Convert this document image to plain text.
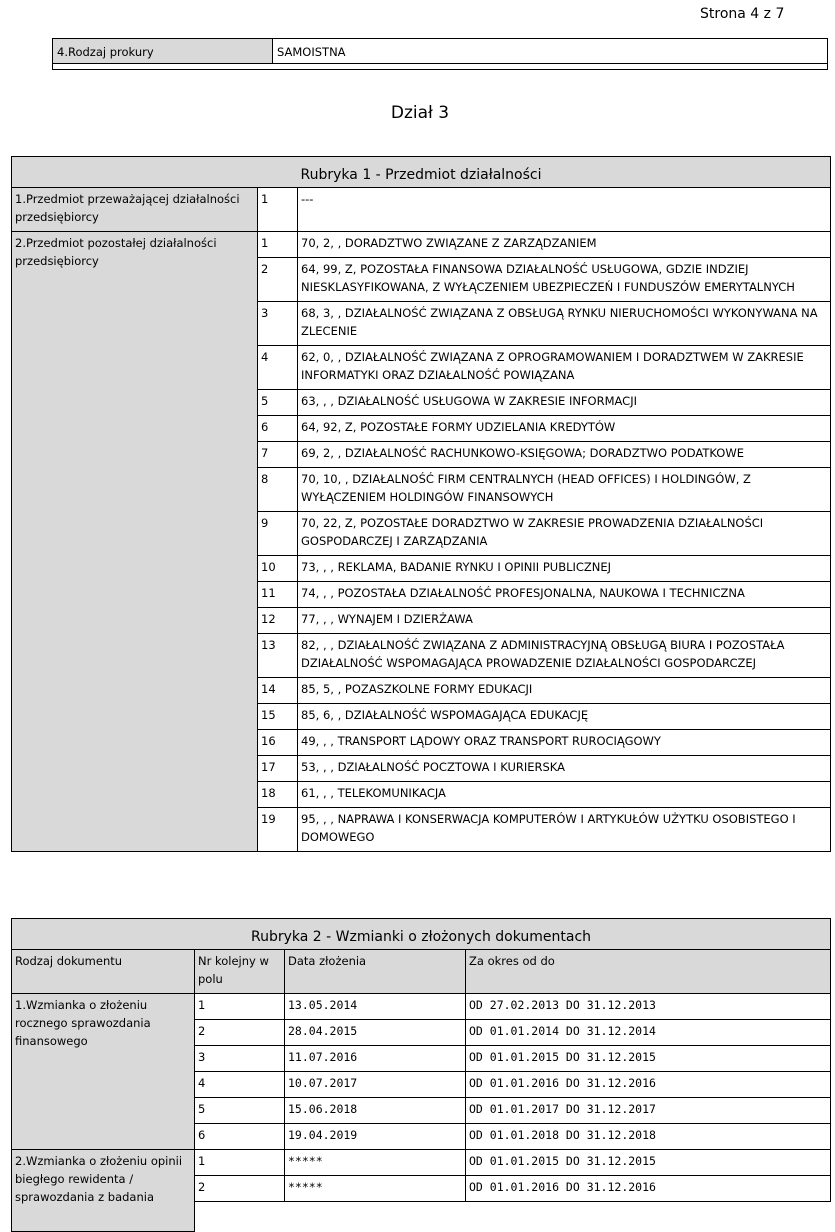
Strona 4 z 7
4.Rodzaj prokury	SAMOISTNA
Dział 3
Rubryka 1 - Przedmiot działalności		
1.Przedmiot przeważającej działalności przedsiębiorcy	1	---
2.Przedmiot pozostałej działalności przedsiębiorcy	1	70, 2, , DORADZTWO ZWIĄZANE Z ZARZĄDZANIEM
	2	64, 99, Z, POZOSTAŁA FINANSOWA DZIAŁALNOŚĆ USŁUGOWA, GDZIE INDZIEJ NIESKLASYFIKOWANA, Z WYŁĄCZENIEM UBEZPIECZEŃ I FUNDUSZÓW EMERYTALNYCH
	3	68, 3, , DZIAŁALNOŚĆ ZWIĄZANA Z OBSŁUGĄ RYNKU NIERUCHOMOŚCI WYKONYWANA NA ZLECENIE
	4	62, 0, , DZIAŁALNOŚĆ ZWIĄZANA Z OPROGRAMOWANIEM I DORADZTWEM W ZAKRESIE INFORMATYKI ORAZ DZIAŁALNOŚĆ POWIĄZANA
	5	63, , , DZIAŁALNOŚĆ USŁUGOWA W ZAKRESIE INFORMACJI
	6	64, 92, Z, POZOSTAŁE FORMY UDZIELANIA KREDYTÓW
	7	69, 2, , DZIAŁALNOŚĆ RACHUNKOWO-KSIĘGOWA; DORADZTWO PODATKOWE
	8	70, 10, , DZIAŁALNOŚĆ FIRM CENTRALNYCH (HEAD OFFICES) I HOLDINGÓW, Z WYŁĄCZENIEM HOLDINGÓW FINANSOWYCH
	9	70, 22, Z, POZOSTAŁE DORADZTWO W ZAKRESIE PROWADZENIA DZIAŁALNOŚCI GOSPODARCZEJ I ZARZĄDZANIA
	10	73, , , REKLAMA, BADANIE RYNKU I OPINII PUBLICZNEJ
	11	74, , , POZOSTAŁA DZIAŁALNOŚĆ PROFESJONALNA, NAUKOWA I TECHNICZNA
	12	77, , , WYNAJEM I DZIERŻAWA
	13	82, , , DZIAŁALNOŚĆ ZWIĄZANA Z ADMINISTRACYJNĄ OBSŁUGĄ BIURA I POZOSTAŁA DZIAŁALNOŚĆ WSPOMAGAJĄCA PROWADZENIE DZIAŁALNOŚCI GOSPODARCZEJ
	14	85, 5, , POZASZKOLNE FORMY EDUKACJI
	15	85, 6, , DZIAŁALNOŚĆ WSPOMAGAJĄCA EDUKACJĘ
	16	49, , , TRANSPORT LĄDOWY ORAZ TRANSPORT RUROCIĄGOWY
	17	53, , , DZIAŁALNOŚĆ POCZTOWA I KURIERSKA
	18	61, , , TELEKOMUNIKACJA
	19	95, , , NAPRAWA I KONSERWACJA KOMPUTERÓW I ARTYKUŁÓW UŻYTKU OSOBISTEGO I DOMOWEGO
Rubryka 2 - Wzmianki o złożonych dokumentach			
Rodzaj dokumentu	Nr kolejny w polu	Data złożenia	Za okres od do
1.Wzmianka o złożeniu rocznego sprawozdania finansowego	1	13.05.2014	OD 27.02.2013 DO 31.12.2013
	2	28.04.2015	OD 01.01.2014 DO 31.12.2014
	3	11.07.2016	OD 01.01.2015 DO 31.12.2015
	4	10.07.2017	OD 01.01.2016 DO 31.12.2016
	5	15.06.2018	OD 01.01.2017 DO 31.12.2017
	6	19.04.2019	OD 01.01.2018 DO 31.12.2018
2.Wzmianka o złożeniu opinii biegłego rewidenta / sprawozdania z badania	1	*****	OD 01.01.2015 DO 31.12.2015
	2	*****	OD 01.01.2016 DO 31.12.2016
